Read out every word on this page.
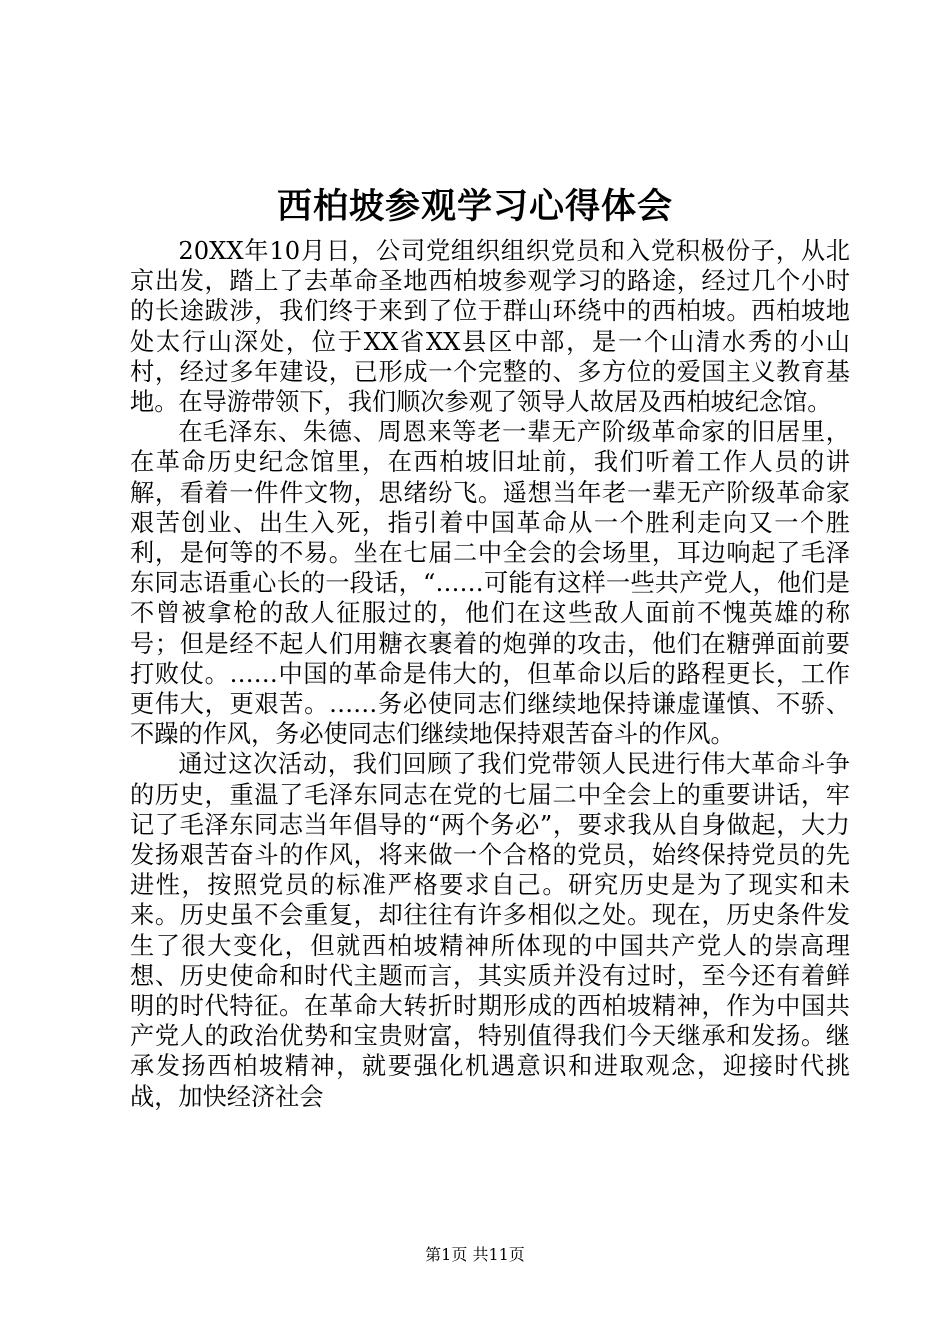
西柏坡参观学习心得体会

20XX年10月日，公司党组织组织党员和入党积极份子，从北京出发，踏上了去革命圣地西柏坡参观学习的路途，经过几个小时的长途跋涉，我们终于来到了位于群山环绕中的西柏坡。西柏坡地处太行山深处，位于XX省XX县区中部，是一个山清水秀的小山村，经过多年建设，已形成一个完整的、多方位的爱国主义教育基地。在导游带领下，我们顺次参观了领导人故居及西柏坡纪念馆。

在毛泽东、朱德、周恩来等老一辈无产阶级革命家的旧居里，在革命历史纪念馆里，在西柏坡旧址前，我们听着工作人员的讲解，看着一件件文物，思绪纷飞。遥想当年老一辈无产阶级革命家艰苦创业、出生入死，指引着中国革命从一个胜利走向又一个胜利，是何等的不易。坐在七届二中全会的会场里，耳边响起了毛泽东同志语重心长的一段话，“……可能有这样一些共产党人，他们是不曾被拿枪的敌人征服过的，他们在这些敌人面前不愧英雄的称号；但是经不起人们用糖衣裹着的炮弹的攻击，他们在糖弹面前要打败仗。……中国的革命是伟大的，但革命以后的路程更长，工作更伟大，更艰苦。……务必使同志们继续地保持谦虚谨慎、不骄、不躁的作风，务必使同志们继续地保持艰苦奋斗的作风。

通过这次活动，我们回顾了我们党带领人民进行伟大革命斗争的历史，重温了毛泽东同志在党的七届二中全会上的重要讲话，牢记了毛泽东同志当年倡导的“两个务必”，要求我从自身做起，大力发扬艰苦奋斗的作风，将来做一个合格的党员，始终保持党员的先进性，按照党员的标准严格要求自己。研究历史是为了现实和未来。历史虽不会重复，却往往有许多相似之处。现在，历史条件发生了很大变化，但就西柏坡精神所体现的中国共产党人的崇高理想、历史使命和时代主题而言，其实质并没有过时，至今还有着鲜明的时代特征。在革命大转折时期形成的西柏坡精神，作为中国共产党人的政治优势和宝贵财富，特别值得我们今天继承和发扬。继承发扬西柏坡精神，就要强化机遇意识和进取观念，迎接时代挑战，加快经济社会

第1页 共11页
